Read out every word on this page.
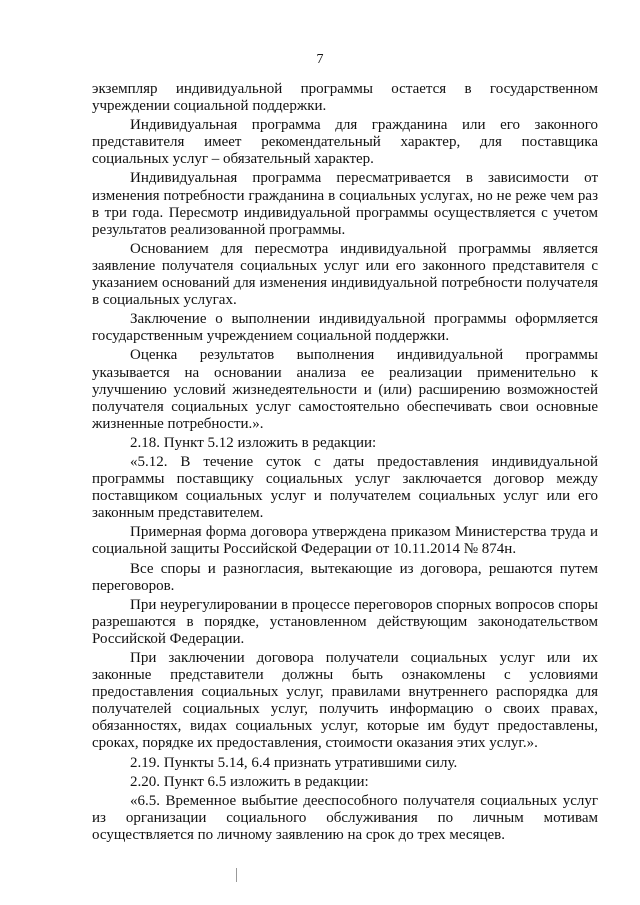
7

экземпляр индивидуальной программы остается в государственном учреждении социальной поддержки.

Индивидуальная программа для гражданина или его законного представителя имеет рекомендательный характер, для поставщика социальных услуг – обязательный характер.

Индивидуальная программа пересматривается в зависимости от изменения потребности гражданина в социальных услугах, но не реже чем раз в три года. Пересмотр индивидуальной программы осуществляется с учетом результатов реализованной программы.

Основанием для пересмотра индивидуальной программы является заявление получателя социальных услуг или его законного представителя с указанием оснований для изменения индивидуальной потребности получателя в социальных услугах.

Заключение о выполнении индивидуальной программы оформляется государственным учреждением социальной поддержки.

Оценка результатов выполнения индивидуальной программы указывается на основании анализа ее реализации применительно к улучшению условий жизнедеятельности и (или) расширению возможностей получателя социальных услуг самостоятельно обеспечивать свои основные жизненные потребности.».

2.18. Пункт 5.12 изложить в редакции:

«5.12. В течение суток с даты предоставления индивидуальной программы поставщику социальных услуг заключается договор между поставщиком социальных услуг и получателем социальных услуг или его законным представителем.

Примерная форма договора утверждена приказом Министерства труда и социальной защиты Российской Федерации от 10.11.2014 № 874н.

Все споры и разногласия, вытекающие из договора, решаются путем переговоров.

При неурегулировании в процессе переговоров спорных вопросов споры разрешаются в порядке, установленном действующим законодательством Российской Федерации.

При заключении договора получатели социальных услуг или их законные представители должны быть ознакомлены с условиями предоставления социальных услуг, правилами внутреннего распорядка для получателей социальных услуг, получить информацию о своих правах, обязанностях, видах социальных услуг, которые им будут предоставлены, сроках, порядке их предоставления, стоимости оказания этих услуг.».

2.19. Пункты 5.14, 6.4 признать утратившими силу.

2.20. Пункт 6.5 изложить в редакции:

«6.5. Временное выбытие дееспособного получателя социальных услуг из организации социального обслуживания по личным мотивам осуществляется по личному заявлению на срок до трех месяцев.
